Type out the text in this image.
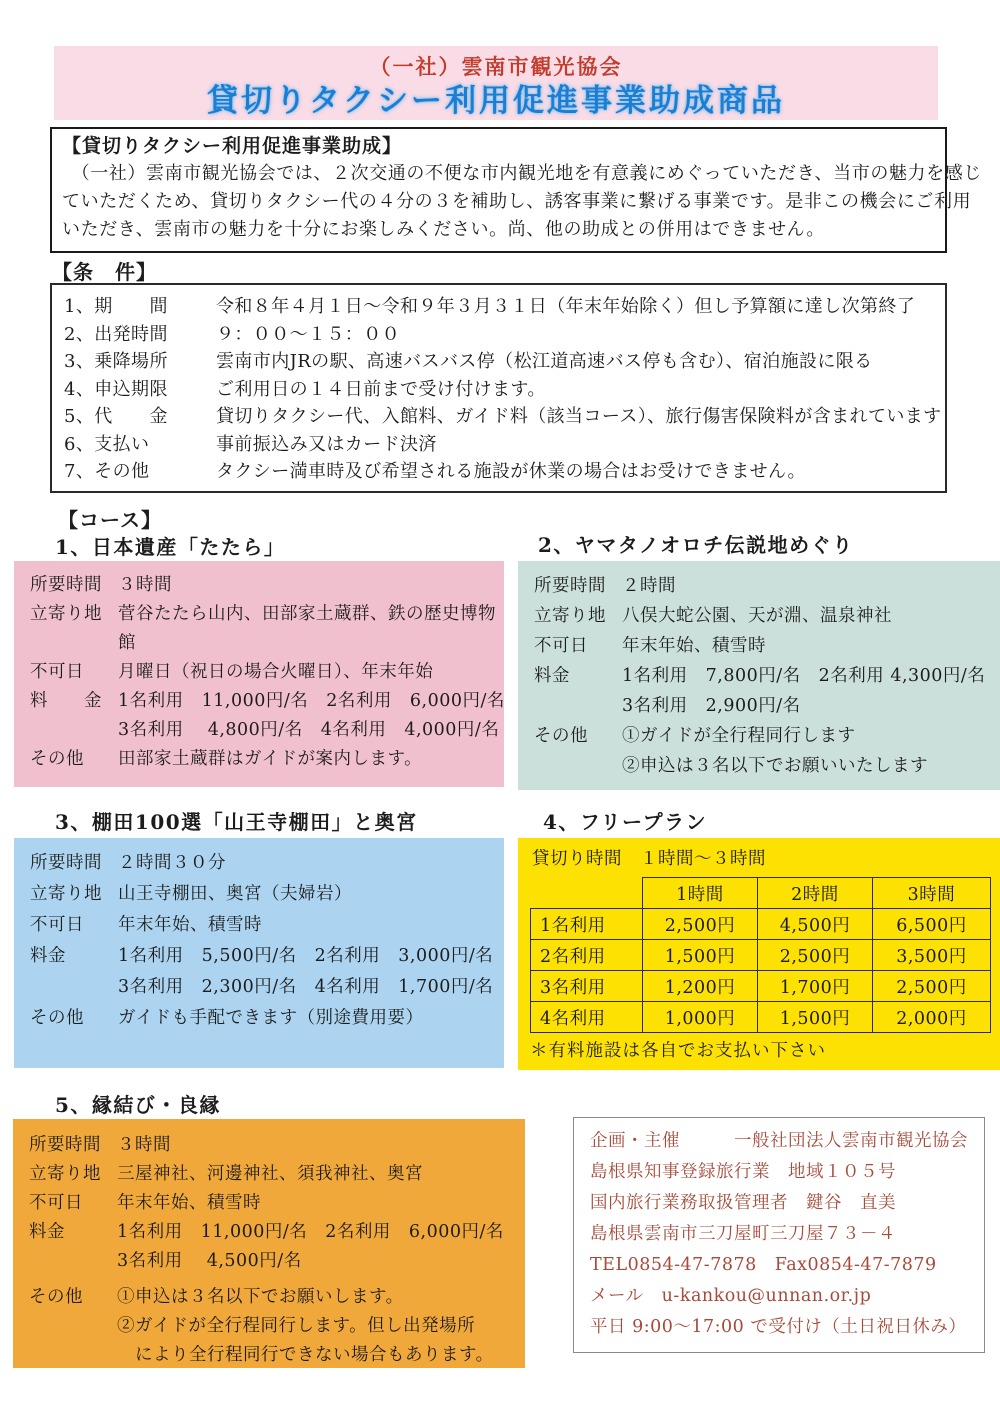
（一社）雲南市観光協会
貸切りタクシー利用促進事業助成商品
【貸切りタクシー利用促進事業助成】
　（一社）雲南市観光協会では、２次交通の不便な市内観光地を有意義にめぐっていただき、当市の魅力を感じ
ていただくため、貸切りタクシー代の４分の３を補助し、誘客事業に繋げる事業です。是非この機会にご利用
いただき、雲南市の魅力を十分にお楽しみください。尚、他の助成との併用はできません。
【条　件】
1、期　　間	令和８年４月１日～令和９年３月３１日（年末年始除く）但し予算額に達し次第終了
2、出発時間	９：００～１５：００
3、乗降場所	雲南市内JRの駅、高速バスバス停（松江道高速バス停も含む）、宿泊施設に限る
4、申込期限	ご利用日の１４日前まで受け付けます。
5、代　　金	貸切りタクシー代、入館料、ガイド料（該当コース）、旅行傷害保険料が含まれています
6、支払い	事前振込み又はカード決済
7、その他	タクシー満車時及び希望される施設が休業の場合はお受けできません。
【コース】
1、日本遺産「たたら」
所要時間 ３時間
立寄り地 菅谷たたら山内、田部家土蔵群、鉄の歴史博物
館
不可日	月曜日（祝日の場合火曜日）、年末年始
料　　金 1名利用　11,000円/名　2名利用　6,000円/名
3名利用　 4,800円/名　4名利用　4,000円/名
その他	田部家土蔵群はガイドが案内します。
2、ヤマタノオロチ伝説地めぐり
所要時間 ２時間
立寄り地 八俣大蛇公園、天が淵、温泉神社
不可日	年末年始、積雪時
料金	1名利用　7,800円/名　2名利用 4,300円/名
3名利用　2,900円/名
その他	①ガイドが全行程同行します
②申込は３名以下でお願いいたします
3、棚田100選「山王寺棚田」と奥宮
所要時間 ２時間３０分
立寄り地 山王寺棚田、奥宮（夫婦岩）
不可日	年末年始、積雪時
料金	1名利用　5,500円/名　2名利用　3,000円/名
3名利用　2,300円/名　4名利用　1,700円/名
その他	ガイドも手配できます（別途費用要）
4、フリープラン
貸切り時間	１時間～３時間
	1時間	2時間	3時間
1名利用	2,500円	4,500円	6,500円
2名利用	1,500円	2,500円	3,500円
3名利用	1,200円	1,700円	2,500円
4名利用	1,000円	1,500円	2,000円
＊有料施設は各自でお支払い下さい
5、縁結び・良縁
所要時間 ３時間
立寄り地 三屋神社、河邊神社、須我神社、奥宮
不可日	年末年始、積雪時
料金	1名利用　11,000円/名　2名利用　6,000円/名
3名利用　 4,500円/名
その他	①申込は３名以下でお願いします。
②ガイドが全行程同行します。但し出発場所
　により全行程同行できない場合もあります。
企画・主催　　　一般社団法人雲南市観光協会
島根県知事登録旅行業　地域１０５号
国内旅行業務取扱管理者　鍵谷　直美
島根県雲南市三刀屋町三刀屋７３－４
TEL0854-47-7878　Fax0854-47-7879
メール　u-kankou@unnan.or.jp
平日 9:00～17:00 で受付け（土日祝日休み）
